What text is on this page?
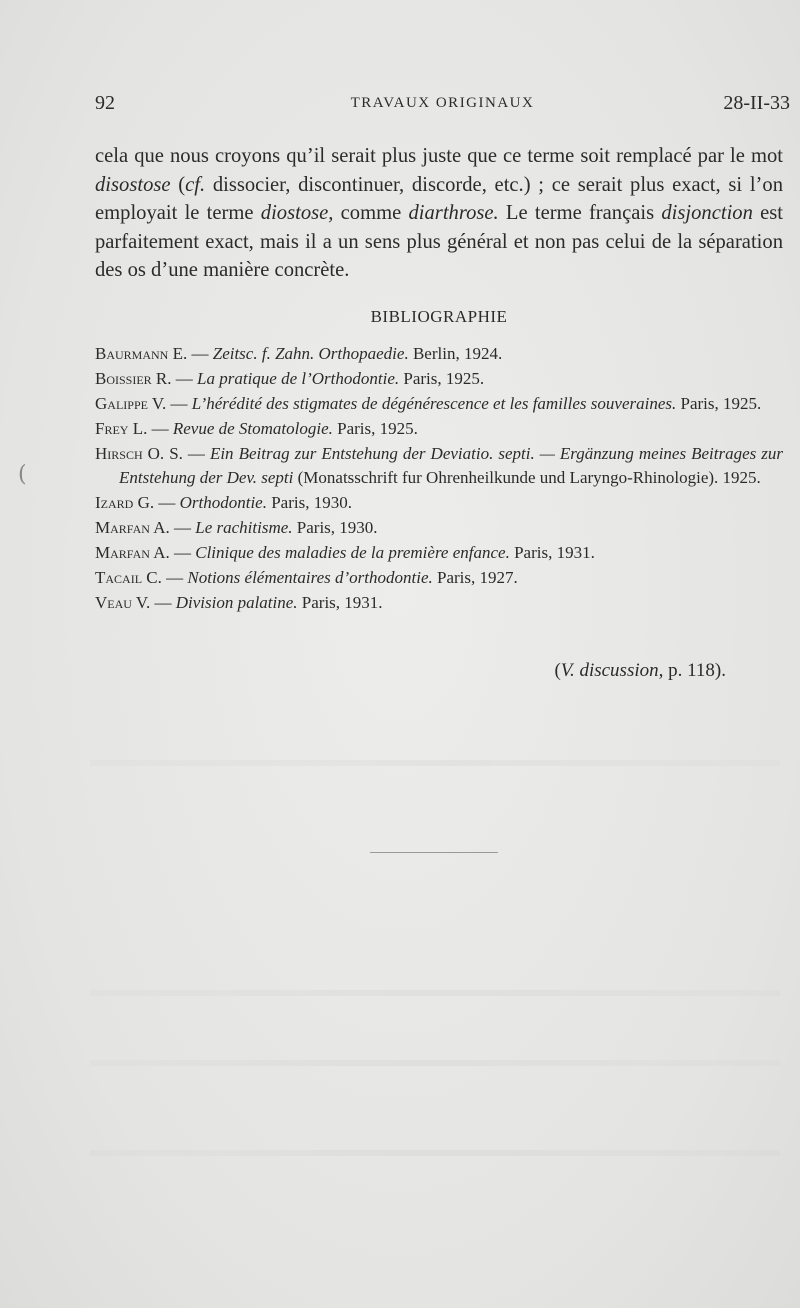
92	TRAVAUX ORIGINAUX	28-II-33

cela que nous croyons qu’il serait plus juste que ce terme soit remplacé par le mot disostose (cf. dissocier, discontinuer, discorde, etc.) ; ce serait plus exact, si l’on employait le terme diostose, comme diarthrose. Le terme français disjonction est parfaitement exact, mais il a un sens plus général et non pas celui de la séparation des os d’une manière concrète.

BIBLIOGRAPHIE
Baurmann E. — Zeitsc. f. Zahn. Orthopaedie. Berlin, 1924.
Boissier R. — La pratique de l’Orthodontie. Paris, 1925.
Galippe V. — L’hérédité des stigmates de dégénérescence et les familles souveraines. Paris, 1925.
Frey L. — Revue de Stomatologie. Paris, 1925.
Hirsch O. S. — Ein Beitrag zur Entstehung der Deviatio. septi. — Ergänzung meines Beitrages zur Entstehung der Dev. septi (Monatsschrift fur Ohrenheilkunde und Laryngo-Rhinologie). 1925.
Izard G. — Orthodontie. Paris, 1930.
Marfan A. — Le rachitisme. Paris, 1930.
Marfan A. — Clinique des maladies de la première enfance. Paris, 1931.
Tacail C. — Notions élémentaires d’orthodontie. Paris, 1927.
Veau V. — Division palatine. Paris, 1931.
(V. discussion, p. 118).
(
